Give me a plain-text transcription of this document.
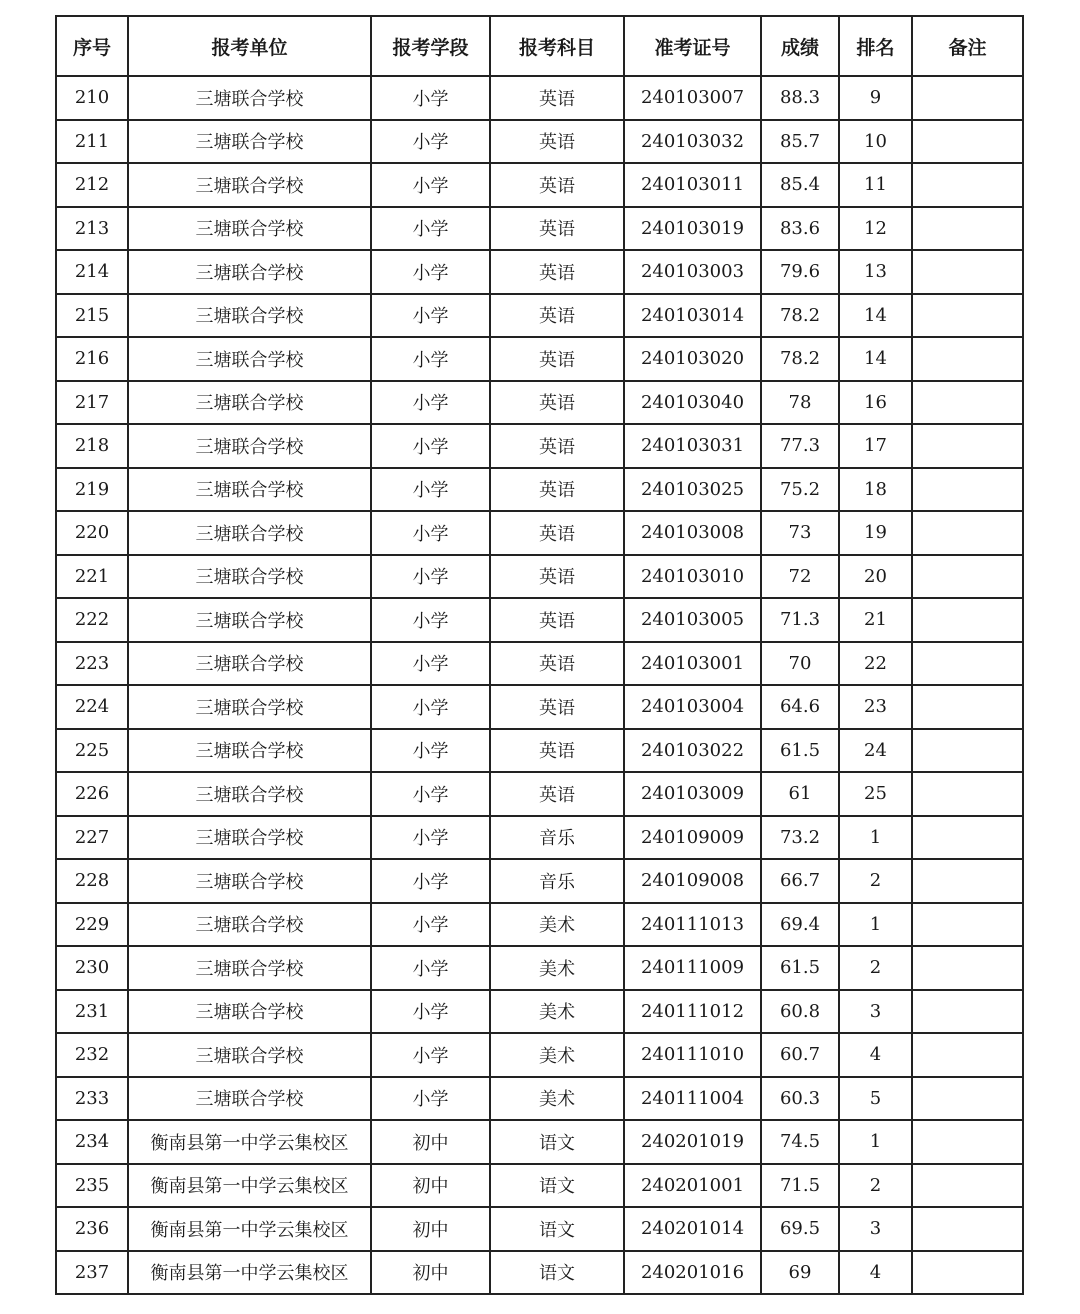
序号	报考单位	报考学段	报考科目	准考证号	成绩	排名	备注
210	三塘联合学校	小学	英语	240103007	88.3	9	
211	三塘联合学校	小学	英语	240103032	85.7	10	
212	三塘联合学校	小学	英语	240103011	85.4	11	
213	三塘联合学校	小学	英语	240103019	83.6	12	
214	三塘联合学校	小学	英语	240103003	79.6	13	
215	三塘联合学校	小学	英语	240103014	78.2	14	
216	三塘联合学校	小学	英语	240103020	78.2	14	
217	三塘联合学校	小学	英语	240103040	78	16	
218	三塘联合学校	小学	英语	240103031	77.3	17	
219	三塘联合学校	小学	英语	240103025	75.2	18	
220	三塘联合学校	小学	英语	240103008	73	19	
221	三塘联合学校	小学	英语	240103010	72	20	
222	三塘联合学校	小学	英语	240103005	71.3	21	
223	三塘联合学校	小学	英语	240103001	70	22	
224	三塘联合学校	小学	英语	240103004	64.6	23	
225	三塘联合学校	小学	英语	240103022	61.5	24	
226	三塘联合学校	小学	英语	240103009	61	25	
227	三塘联合学校	小学	音乐	240109009	73.2	1	
228	三塘联合学校	小学	音乐	240109008	66.7	2	
229	三塘联合学校	小学	美术	240111013	69.4	1	
230	三塘联合学校	小学	美术	240111009	61.5	2	
231	三塘联合学校	小学	美术	240111012	60.8	3	
232	三塘联合学校	小学	美术	240111010	60.7	4	
233	三塘联合学校	小学	美术	240111004	60.3	5	
234	衡南县第一中学云集校区	初中	语文	240201019	74.5	1	
235	衡南县第一中学云集校区	初中	语文	240201001	71.5	2	
236	衡南县第一中学云集校区	初中	语文	240201014	69.5	3	
237	衡南县第一中学云集校区	初中	语文	240201016	69	4	
